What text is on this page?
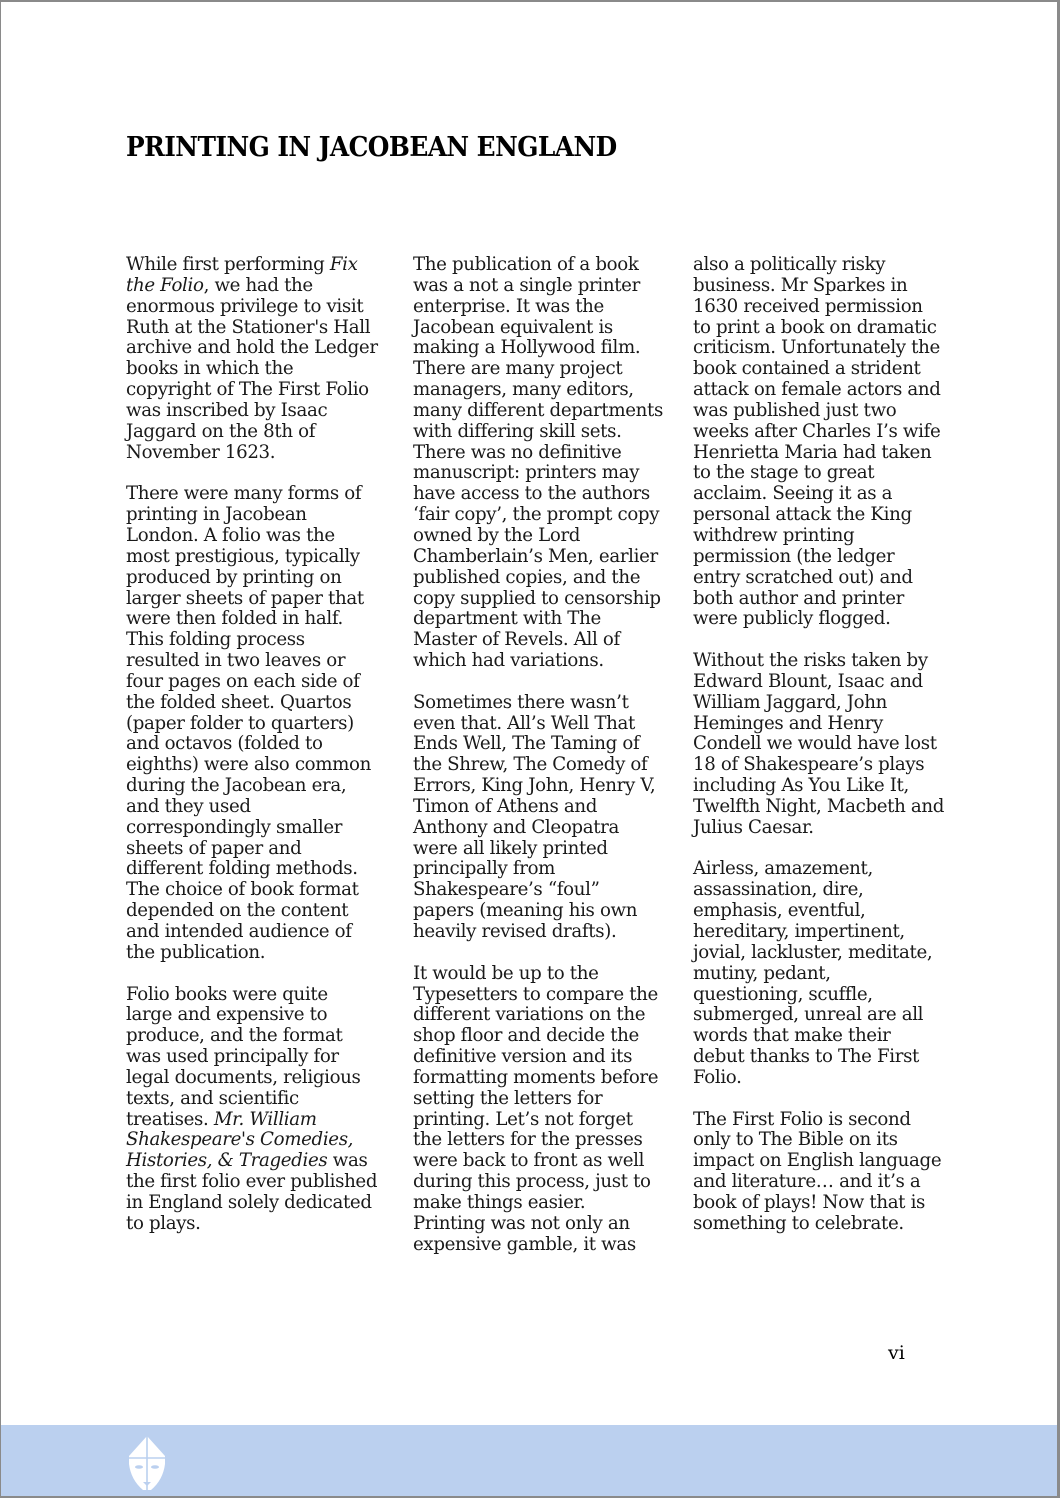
PRINTING IN JACOBEAN ENGLAND

While first performing Fix the Folio, we had the enormous privilege to visit Ruth at the Stationer's Hall archive and hold the Ledger books in which the copyright of The First Folio was inscribed by Isaac Jaggard on the 8th of November 1623.

There were many forms of printing in Jacobean London. A folio was the most prestigious, typically produced by printing on larger sheets of paper that were then folded in half. This folding process resulted in two leaves or four pages on each side of the folded sheet. Quartos (paper folder to quarters) and octavos (folded to eighths) were also common during the Jacobean era, and they used correspondingly smaller sheets of paper and different folding methods. The choice of book format depended on the content and intended audience of the publication.

Folio books were quite large and expensive to produce, and the format was used principally for legal documents, religious texts, and scientific treatises. Mr. William Shakespeare's Comedies, Histories, & Tragedies was the first folio ever published in England solely dedicated to plays.

The publication of a book was a not a single printer enterprise. It was the Jacobean equivalent is making a Hollywood film. There are many project managers, many editors, many different departments with differing skill sets. There was no definitive manuscript: printers may have access to the authors ‘fair copy’, the prompt copy owned by the Lord Chamberlain’s Men, earlier published copies, and the copy supplied to censorship department with The Master of Revels. All of which had variations.

Sometimes there wasn’t even that. All’s Well That Ends Well, The Taming of the Shrew, The Comedy of Errors, King John, Henry V, Timon of Athens and Anthony and Cleopatra were all likely printed principally from Shakespeare’s “foul” papers (meaning his own heavily revised drafts).

It would be up to the Typesetters to compare the different variations on the shop floor and decide the definitive version and its formatting moments before setting the letters for printing. Let’s not forget the letters for the presses were back to front as well during this process, just to make things easier.

Printing was not only an expensive gamble, it was

also a politically risky business. Mr Sparkes in 1630 received permission to print a book on dramatic criticism. Unfortunately the book contained a strident attack on female actors and was published just two weeks after Charles I’s wife Henrietta Maria had taken to the stage to great acclaim. Seeing it as a personal attack the King withdrew printing permission (the ledger entry scratched out) and both author and printer were publicly flogged.

Without the risks taken by Edward Blount, Isaac and William Jaggard, John Heminges and Henry Condell we would have lost 18 of Shakespeare’s plays including As You Like It, Twelfth Night, Macbeth and Julius Caesar.

Airless, amazement, assassination, dire, emphasis, eventful, hereditary, impertinent, jovial, lackluster, meditate, mutiny, pedant, questioning, scuffle, submerged, unreal are all words that make their debut thanks to The First Folio.

The First Folio is second only to The Bible on its impact on English language and literature… and it’s a book of plays! Now that is something to celebrate.

vi
